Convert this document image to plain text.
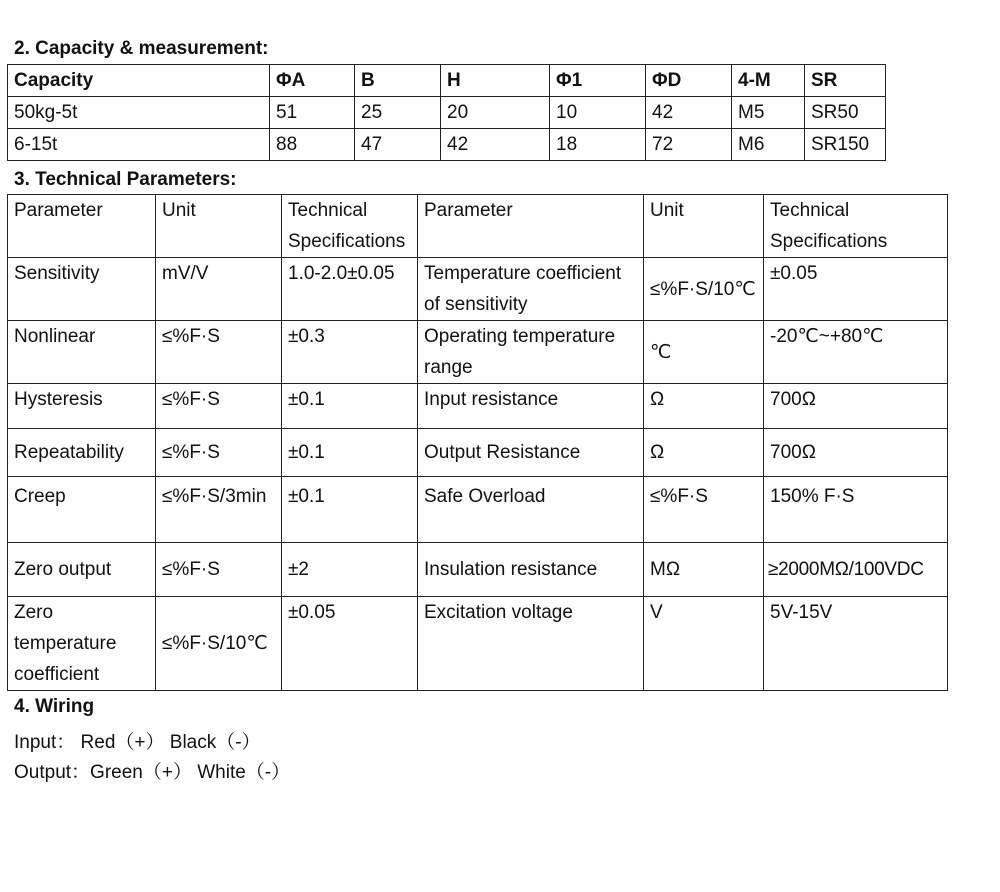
2. Capacity & measurement:
Capacity	ΦA	B	H	Φ1	ΦD	4-M	SR
50kg-5t	51	25	20	10	42	M5	SR50
6-15t	88	47	42	18	72	M6	SR150
3. Technical Parameters:
Parameter	Unit	Technical Specifications	Parameter	Unit	Technical Specifications
Sensitivity	mV/V	1.0-2.0±0.05	Temperature coefficient of sensitivity	≤%F·S/10℃	±0.05
Nonlinear	≤%F·S	±0.3	Operating temperature range	℃	-20℃~+80℃
Hysteresis	≤%F·S	±0.1	Input resistance	Ω	700Ω
Repeatability	≤%F·S	±0.1	Output Resistance	Ω	700Ω
Creep	≤%F·S/3min	±0.1	Safe Overload	≤%F·S	150% F·S
Zero output	≤%F·S	±2	Insulation resistance	MΩ	≥2000MΩ/100VDC
Zero temperature coefficient	≤%F·S/10℃	±0.05	Excitation voltage	V	5V-15V
4. Wiring
Input： Red（+） Black（-）
Output：Green（+） White（-）
